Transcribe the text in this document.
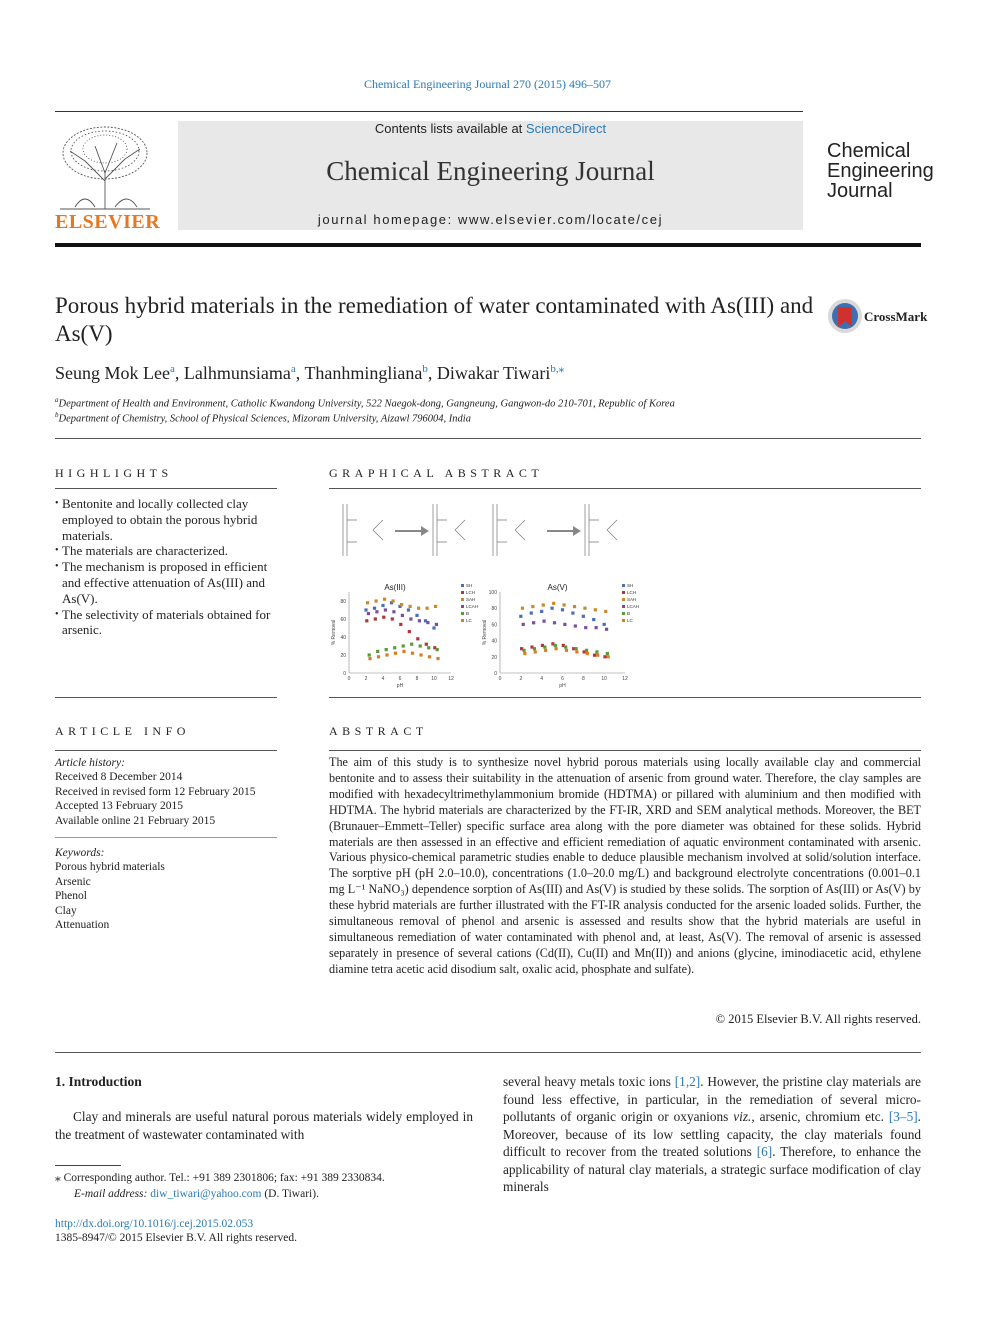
Chemical Engineering Journal 270 (2015) 496–507
ELSEVIER
Contents lists available at ScienceDirect
Chemical Engineering Journal
journal homepage: www.elsevier.com/locate/cej
Chemical
Engineering
Journal
Porous hybrid materials in the remediation of water contaminated with As(III) and As(V)
CrossMark
Seung Mok Lee$^a$, Lalhmunsiama$^a$, Thanhmingliana$^b$, Diwakar Tiwari$^{b,⁎}$
$^a$Department of Health and Environment, Catholic Kwandong University, 522 Naegok-dong, Gangneung, Gangwon-do 210-701, Republic of Korea
$^b$Department of Chemistry, School of Physical Sciences, Mizoram University, Aizawl 796004, India
HIGHLIGHTS
• Bentonite and locally collected clay employed to obtain the porous hybrid materials.
• The materials are characterized.
• The mechanism is proposed in efficient and effective attenuation of As(III) and As(V).
• The selectivity of materials obtained for arsenic.
GRAPHICAL ABSTRACT
0
20
40
60
80
0	2	4	6	8	10 12
As(III)
pH
% Removal
SH
LCH
SAH
LCAH
B
LC
0
20
40
60
80
100
0	2	4	6	8	10	12
As(V)
pH
% Removal
SH
LCH
SAH
LCAH
B
LC
ARTICLE INFO
Article history:
Received 8 December 2014
Received in revised form 12 February 2015
Accepted 13 February 2015
Available online 21 February 2015
Keywords:
Porous hybrid materials
Arsenic
Phenol
Clay
Attenuation
ABSTRACT
The aim of this study is to synthesize novel hybrid porous materials using locally available clay and commercial bentonite and to assess their suitability in the attenuation of arsenic from ground water. Therefore, the clay samples are modified with hexadecyltrimethylammonium bromide (HDTMA) or pillared with aluminium and then modified with HDTMA. The hybrid materials are characterized by the FT-IR, XRD and SEM analytical methods. Moreover, the BET (Brunauer–Emmett–Teller) specific surface area along with the pore diameter was obtained for these solids. Hybrid materials are then assessed in an effective and efficient remediation of aquatic environment contaminated with arsenic. Various physico-chemical parametric studies enable to deduce plausible mechanism involved at solid/solution interface. The sorptive pH (pH 2.0–10.0), concentrations (1.0–20.0 mg/L) and background electrolyte concentrations (0.001–0.1 mg L⁻¹ NaNO₃) dependence sorption of As(III) and As(V) is studied by these solids. The sorption of As(III) or As(V) by these hybrid materials are further illustrated with the FT-IR analysis conducted for the arsenic loaded solids. Further, the simultaneous removal of phenol and arsenic is assessed and results show that the hybrid materials are useful in simultaneous remediation of water contaminated with phenol and, at least, As(V). The removal of arsenic is assessed separately in presence of several cations (Cd(II), Cu(II) and Mn(II)) and anions (glycine, iminodiacetic acid, ethylene diamine tetra acetic acid disodium salt, oxalic acid, phosphate and sulfate).
© 2015 Elsevier B.V. All rights reserved.
1. Introduction
Clay and minerals are useful natural porous materials widely employed in the treatment of wastewater contaminated with
several heavy metals toxic ions [1,2]. However, the pristine clay materials are found less effective, in particular, in the remediation of several micro-pollutants of organic origin or oxyanions viz., arsenic, chromium etc. [3–5]. Moreover, because of its low settling capacity, the clay materials found difficult to recover from the treated solutions [6]. Therefore, to enhance the applicability of natural clay materials, a strategic surface modification of clay minerals
⁎ Corresponding author. Tel.: +91 389 2301806; fax: +91 389 2330834.
E-mail address: diw_tiwari@yahoo.com (D. Tiwari).
http://dx.doi.org/10.1016/j.cej.2015.02.053
1385-8947/© 2015 Elsevier B.V. All rights reserved.
